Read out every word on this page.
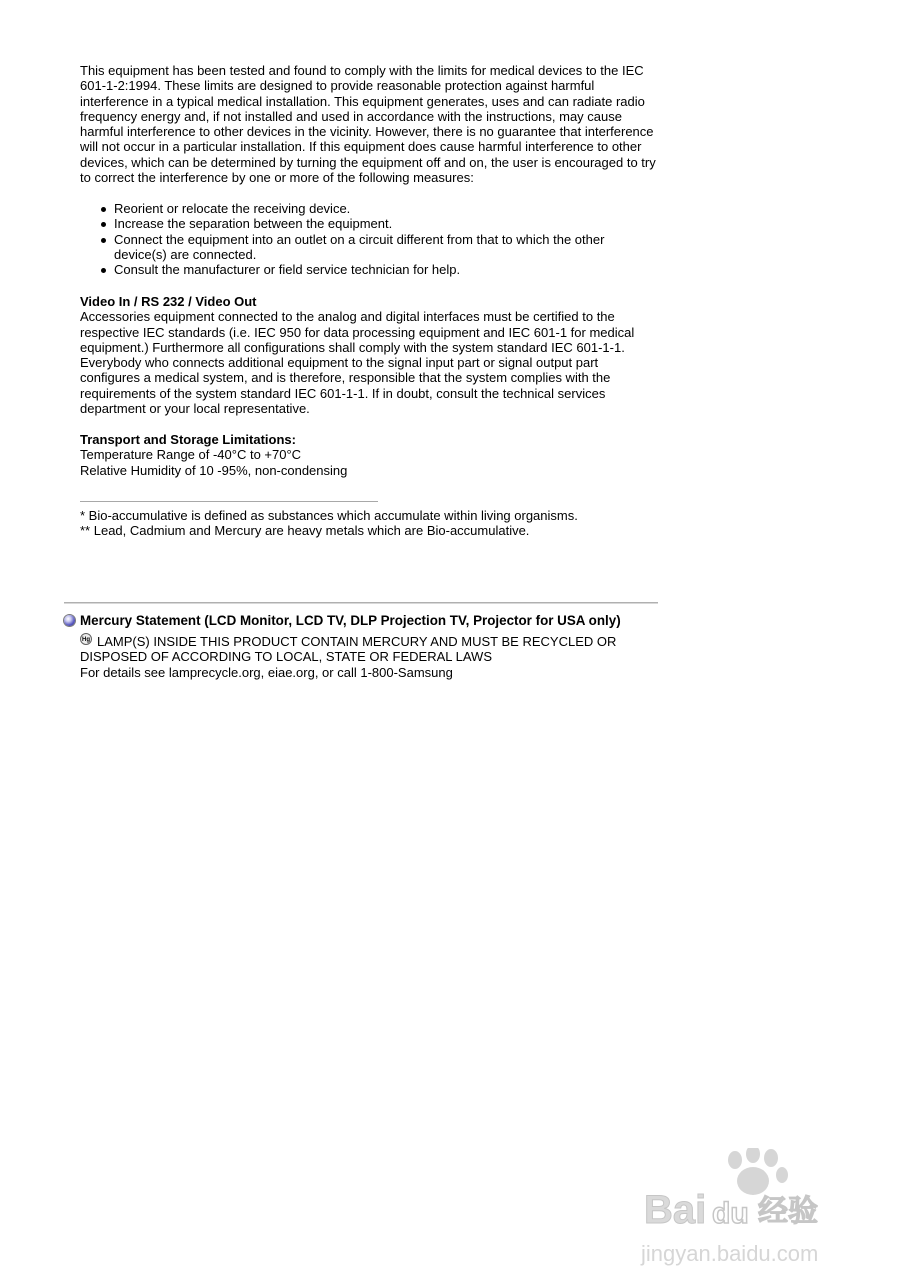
This equipment has been tested and found to comply with the limits for medical devices to the IEC 601-1-2:1994. These limits are designed to provide reasonable protection against harmful interference in a typical medical installation. This equipment generates, uses and can radiate radio frequency energy and, if not installed and used in accordance with the instructions, may cause harmful interference to other devices in the vicinity. However, there is no guarantee that interference will not occur in a particular installation. If this equipment does cause harmful interference to other devices, which can be determined by turning the equipment off and on, the user is encouraged to try to correct the interference by one or more of the following measures:

Reorient or relocate the receiving device.
Increase the separation between the equipment.
Connect the equipment into an outlet on a circuit different from that to which the other device(s) are connected.
Consult the manufacturer or field service technician for help.

Video In / RS 232 / Video Out

Accessories equipment connected to the analog and digital interfaces must be certified to the respective IEC standards (i.e. IEC 950 for data processing equipment and IEC 601-1 for medical equipment.) Furthermore all configurations shall comply with the system standard IEC 601-1-1. Everybody who connects additional equipment to the signal input part or signal output part configures a medical system, and is therefore, responsible that the system complies with the requirements of the system standard IEC 601-1-1. If in doubt, consult the technical services department or your local representative.

Transport and Storage Limitations:

Temperature Range of -40°C to +70°C

Relative Humidity of 10 -95%, non-condensing

* Bio-accumulative is defined as substances which accumulate within living organisms.

** Lead, Cadmium and Mercury are heavy metals which are Bio-accumulative.

Mercury Statement (LCD Monitor, LCD TV, DLP Projection TV, Projector for USA only)
Hg LAMP(S) INSIDE THIS PRODUCT CONTAIN MERCURY AND MUST BE RECYCLED OR

DISPOSED OF ACCORDING TO LOCAL, STATE OR FEDERAL LAWS

For details see lamprecycle.org, eiae.org, or call 1-800-Samsung

Bai du 经验
jingyan.baidu.com
